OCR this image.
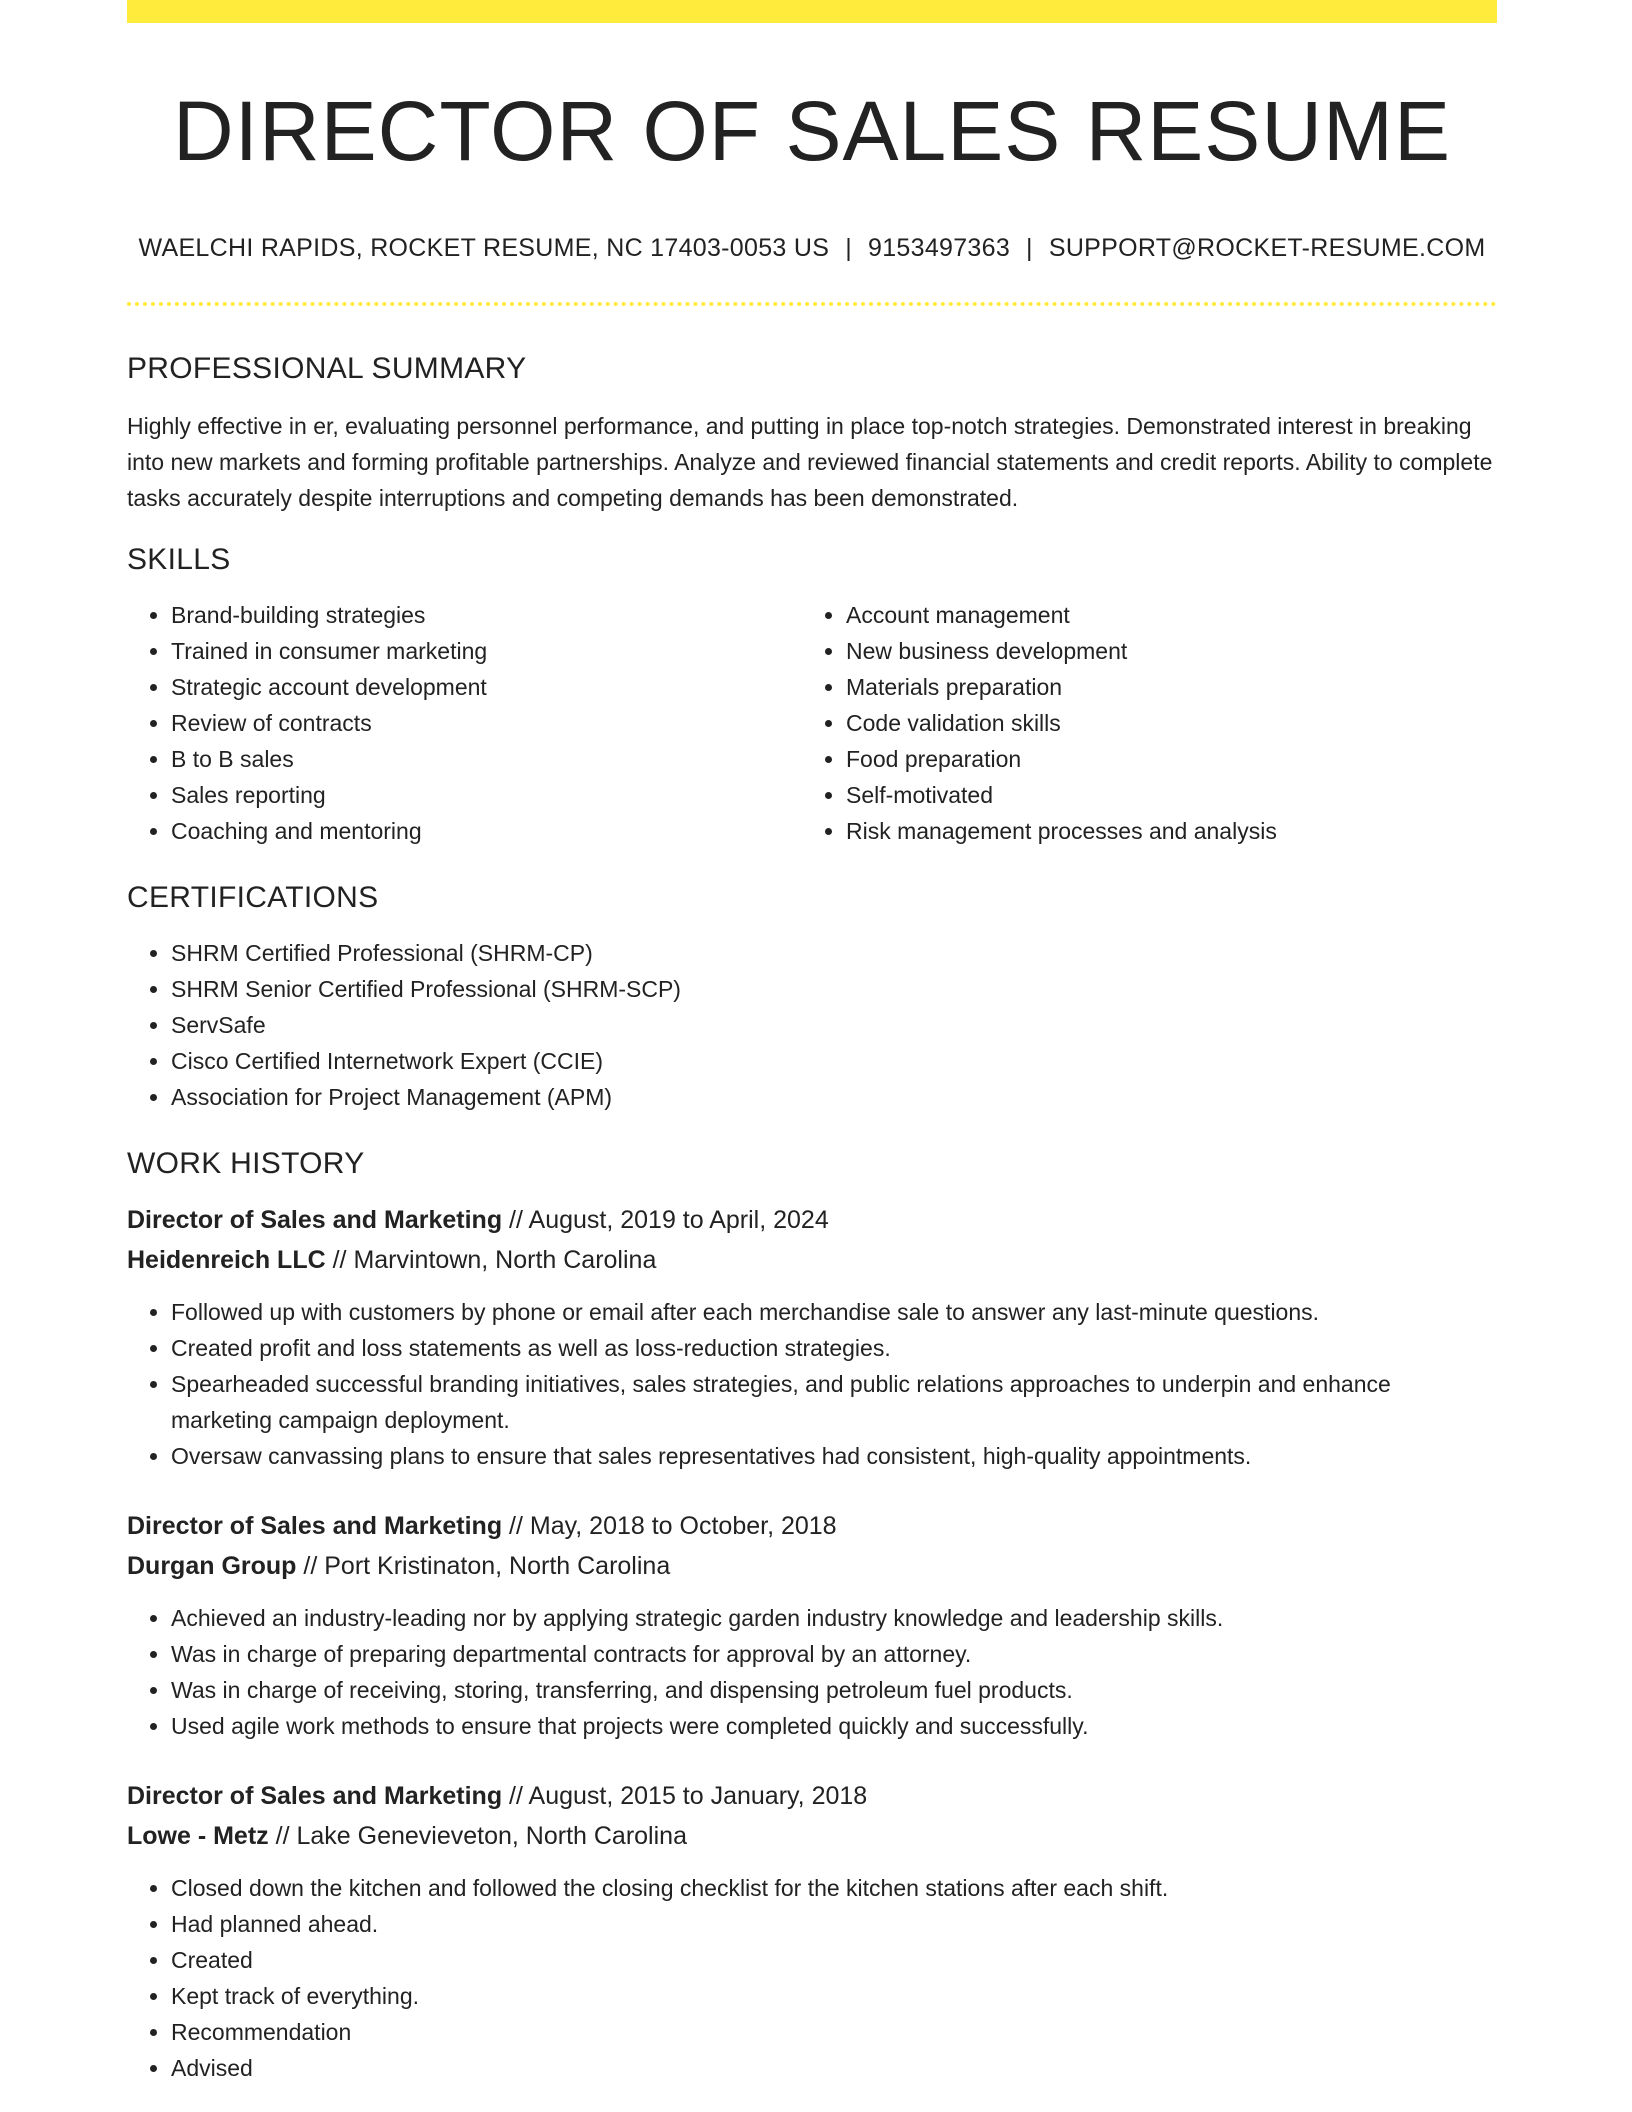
DIRECTOR OF SALES RESUME
WAELCHI RAPIDS, ROCKET RESUME, NC 17403-0053 US | 9153497363 | SUPPORT@ROCKET-RESUME.COM
PROFESSIONAL SUMMARY

Highly effective in er, evaluating personnel performance, and putting in place top-notch strategies. Demonstrated interest in breaking into new markets and forming profitable partnerships. Analyze and reviewed financial statements and credit reports. Ability to complete tasks accurately despite interruptions and competing demands has been demonstrated.

SKILLS
• Brand-building strategies
• Trained in consumer marketing
• Strategic account development
• Review of contracts
• B to B sales
• Sales reporting
• Coaching and mentoring
• Account management
• New business development
• Materials preparation
• Code validation skills
• Food preparation
• Self-motivated
• Risk management processes and analysis
CERTIFICATIONS
• SHRM Certified Professional (SHRM-CP)
• SHRM Senior Certified Professional (SHRM-SCP)
• ServSafe
• Cisco Certified Internetwork Expert (CCIE)
• Association for Project Management (APM)
WORK HISTORY
Director of Sales and Marketing // August, 2019 to April, 2024
Heidenreich LLC // Marvintown, North Carolina
• Followed up with customers by phone or email after each merchandise sale to answer any last-minute questions.
• Created profit and loss statements as well as loss-reduction strategies.
• Spearheaded successful branding initiatives, sales strategies, and public relations approaches to underpin and enhance marketing campaign deployment.
• Oversaw canvassing plans to ensure that sales representatives had consistent, high-quality appointments.
Director of Sales and Marketing // May, 2018 to October, 2018
Durgan Group // Port Kristinaton, North Carolina
• Achieved an industry-leading nor by applying strategic garden industry knowledge and leadership skills.
• Was in charge of preparing departmental contracts for approval by an attorney.
• Was in charge of receiving, storing, transferring, and dispensing petroleum fuel products.
• Used agile work methods to ensure that projects were completed quickly and successfully.
Director of Sales and Marketing // August, 2015 to January, 2018
Lowe - Metz // Lake Genevieveton, North Carolina
• Closed down the kitchen and followed the closing checklist for the kitchen stations after each shift.
• Had planned ahead.
• Created
• Kept track of everything.
• Recommendation
• Advised
